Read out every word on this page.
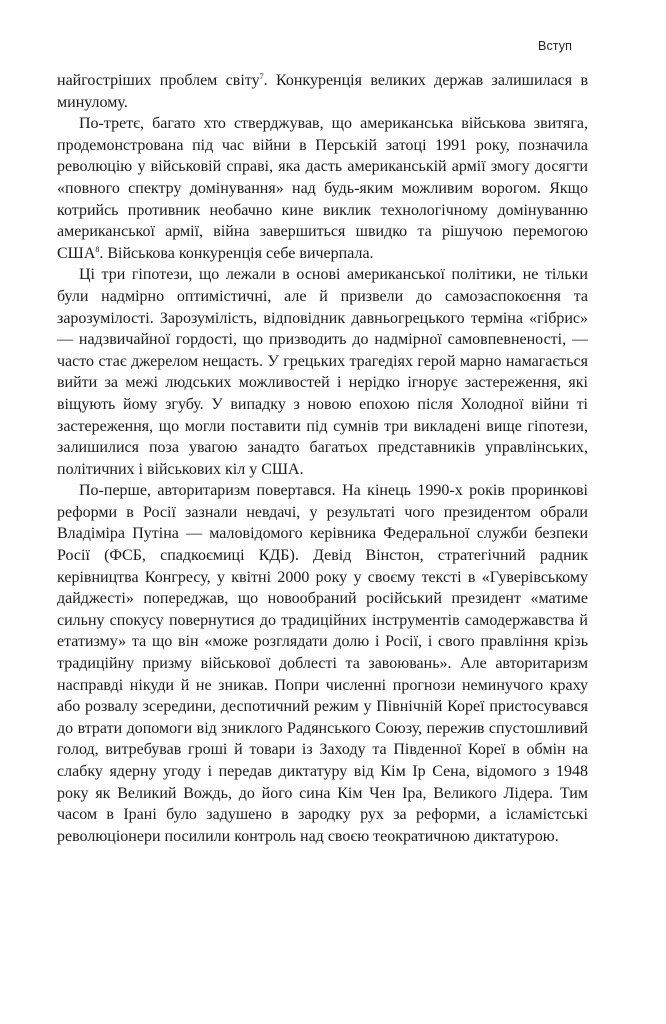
Вступ

найгостріших проблем світу$^7$. Конкуренція великих держав залишилася в минулому.

По-третє, багато хто стверджував, що американська військова звитяга, продемонстрована під час війни в Перській затоці 1991 року, позначила революцію у військовій справі, яка дасть американській армії змогу досягти «повного спектру домінування» над будь-яким можливим ворогом. Якщо котрийсь противник необачно кине виклик технологічному домінуванню американської армії, війна завершиться швидко та рішучою перемогою США$^8$. Військова конкуренція себе вичерпала.

Ці три гіпотези, що лежали в основі американської політики, не тільки були надмірно оптимістичні, але й призвели до самозаспокоєння та зарозумілості. Зарозумілість, відповідник давньогрецького терміна «гібрис» — надзвичайної гордості, що призводить до надмірної самовпевненості, — часто стає джерелом нещасть. У грецьких трагедіях герой марно намагається вийти за межі людських можливостей і нерідко ігнорує застереження, які віщують йому згубу. У випадку з новою епохою після Холодної війни ті застереження, що могли поставити під сумнів три викладені вище гіпотези, залишилися поза увагою занадто багатьох представників управлінських, політичних і військових кіл у США.

По-перше, авторитаризм повертався. На кінець 1990-х років проринкові реформи в Росії зазнали невдачі, у результаті чого президентом обрали Владіміра Путіна — маловідомого керівника Федеральної служби безпеки Росії (ФСБ, спадкоємиці КДБ). Девід Вінстон, стратегічний радник керівництва Конгресу, у квітні 2000 року у своєму тексті в «Гуверівському дайджесті» попереджав, що новообраний російський президент «матиме сильну спокусу повернутися до традиційних інструментів самодержавства й етатизму» та що він «може розглядати долю і Росії, і свого правління крізь традиційну призму військової доблесті та завоювань». Але авторитаризм насправді нікуди й не зникав. Попри численні прогнози неминучого краху або розвалу зсередини, деспотичний режим у Північній Кореї пристосувався до втрати допомоги від зниклого Радянського Союзу, пережив спустошливий голод, витребував гроші й товари із Заходу та Південної Кореї в обмін на слабку ядерну угоду і передав диктатуру від Кім Ір Сена, відомого з 1948 року як Великий Вождь, до його сина Кім Чен Іра, Великого Лідера. Тим часом в Ірані було задушено в зародку рух за реформи, а ісламістські революціонери посилили контроль над своєю теократичною диктатурою.
